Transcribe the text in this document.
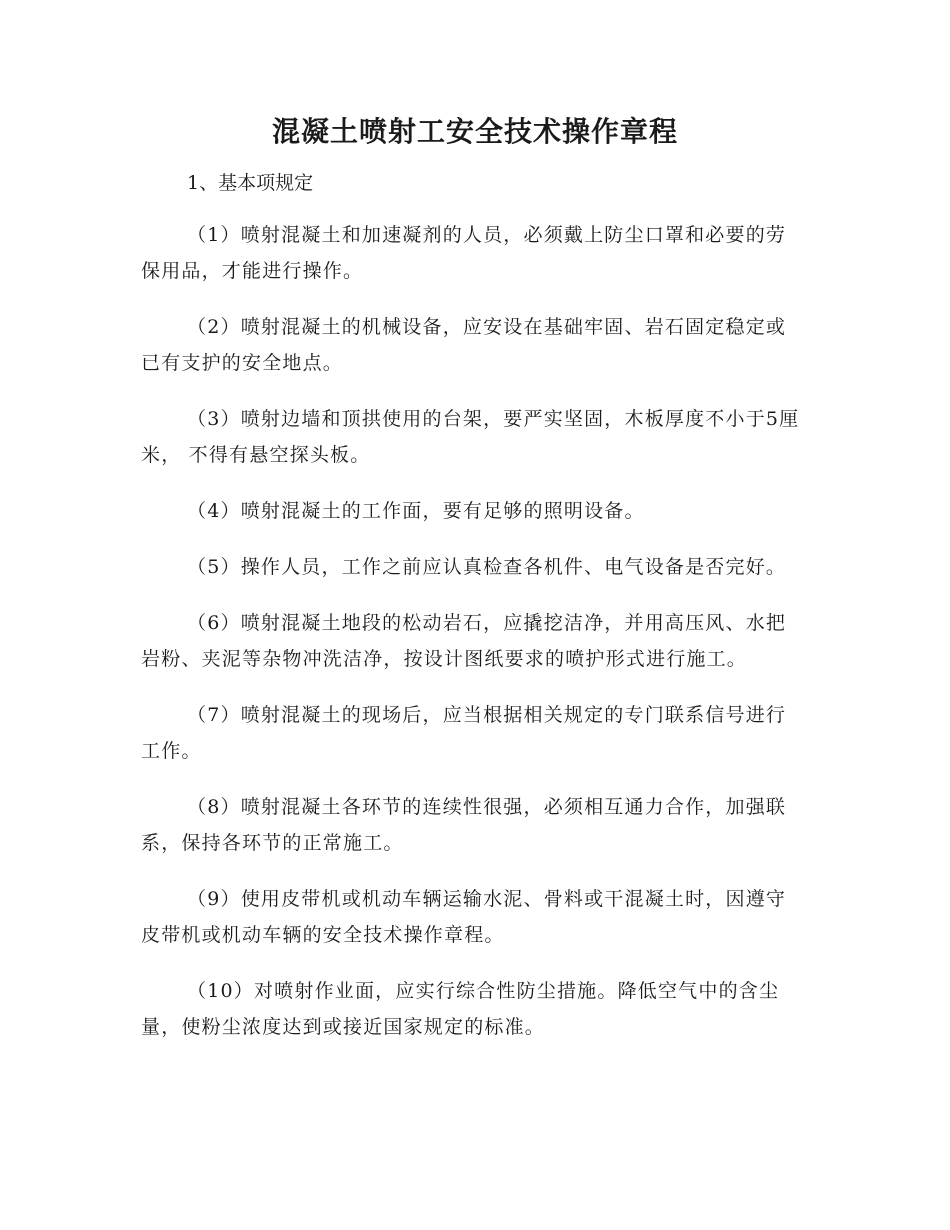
混凝土喷射工安全技术操作章程

1、基本项规定

（1）喷射混凝土和加速凝剂的人员，必须戴上防尘口罩和必要的劳保用品，才能进行操作。

（2）喷射混凝土的机械设备，应安设在基础牢固、岩石固定稳定或已有支护的安全地点。

（3）喷射边墙和顶拱使用的台架，要严实坚固，木板厚度不小于5厘米， 不得有悬空探头板。

（4）喷射混凝土的工作面，要有足够的照明设备。

（5）操作人员，工作之前应认真检查各机件、电气设备是否完好。

（6）喷射混凝土地段的松动岩石，应撬挖洁净，并用高压风、水把岩粉、夹泥等杂物冲洗洁净，按设计图纸要求的喷护形式进行施工。

（7）喷射混凝土的现场后，应当根据相关规定的专门联系信号进行工作。

（8）喷射混凝土各环节的连续性很强，必须相互通力合作，加强联系，保持各环节的正常施工。

（9）使用皮带机或机动车辆运输水泥、骨料或干混凝土时，因遵守皮带机或机动车辆的安全技术操作章程。

（10）对喷射作业面，应实行综合性防尘措施。降低空气中的含尘量，使粉尘浓度达到或接近国家规定的标准。
